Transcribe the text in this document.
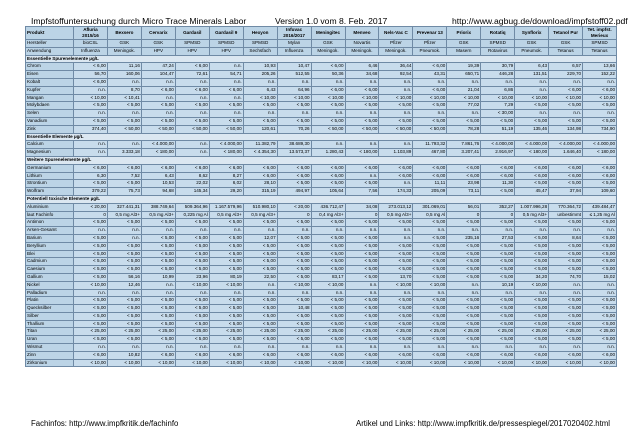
Impfstoffuntersuchung durch Micro Trace Minerals Labor	Version 1.0 vom 8. Feb. 2017	http://www.agbug.de/download/impfstoff02.pdf
Produkt	Afluria 2015/16	Bexsero	Cervarix	Gardasil	Gardasil 9	Hexyon	Infuvac 2016/2017	Meningitec	Menveo	Nels-Vac C	Prevenar 13	Priorix	Rotatiq	Synflorix	Tetanol Pur	Tet. impfst. Merieux
Hersteller	bioCSL	GSK	GSK	SPMSD	SPMSD	SPMSD	Mylan	GSK	Novartis	Pfizer	Pfizer	GSK	SPMSD	GSK	GSK	SPMSD
Anwendung	Influenza	Meningok.	HPV	HPV	HPV	Sechsfach	Influenza	Meningok.	Meningok.	Meningok.	Pneumok.	Masern	Rotavirus	Pneumok.	Tetanus	Tetanus
Essentielle Spurenelemente µg/L																
Chrom	< 6,00	11,16	47,24	< 6,00	n.n.	10,93	10,47	< 6,00	6,46	36,44	< 6,00	19,39	30,79	6,43	6,57	13,66
Eisen	56,70	160,06	104,47	72,61	54,71	205,26	512,55	50,36	34,68	92,54	43,31	650,71	446,28	131,51	229,70	152,22
Kobalt	< 6,00	n.n.	n.n.	n.n.	n.n.	n.n.	n.n.	n.n.	n.n.	n.n.	n.n.	n.n.	n.n.	n.n.	n.n.	n.n.
Kupfer	n.n.	8,70	< 6,00	< 6,00	< 6,00	6,43	64,96	< 6,00	< 6,00	n.n.	< 6,00	21,04	6,86	n.n.	< 6,00	< 6,00
Mangan	< 10,00	< 10,41	n.n.	n.n.	n.n.	< 10,00	< 10,00	< 10,00	< 10,00	< 10,00	< 10,00	< 10,00	< 10,00	< 10,00	< 10,00	< 10,00
Molybdaen	< 5,00	< 5,00	< 5,00	< 5,00	< 5,00	< 5,00	< 5,00	< 5,00	< 5,00	< 5,00	< 5,00	77,02	7,29	< 5,00	< 5,00	< 5,00
Selen	n.n.	n.n.	n.n.	n.n.	n.n.	n.n.	n.n.	n.n.	n.n.	n.n.	n.n.	n.n.	< 30,00	n.n.	n.n.	n.n.
Vanadium	< 5,00	< 5,00	< 5,00	< 5,00	< 5,00	< 5,00	< 5,00	< 5,00	< 5,00	< 5,00	< 5,00	< 5,00	< 5,00	< 5,00	< 5,00	< 5,00
Zink	374,40	< 50,00	< 50,00	< 50,00	< 50,00	120,61	70,26	< 50,00	< 50,00	< 50,00	< 50,00	78,28	51,19	135,46	134,98	734,90
Essentielle Elemente µg/L																
Calcium	n.n.	n.n.	< 4.000,00	n.n.	< 4.000,00	11.382,79	38.689,30	n.n.	n.n.	n.n.	11.793,32	7.861,76	< 4.000,00	< 4.000,00	< 4.000,00	< 4.000,00
Magnesium	n.n.	3.333,18	< 180,00	n.n.	< 180,00	< 4.354,30	13.573,37	1.280,43	< 180,00	1.103,89	467,80	3.207,41	2.916,97	< 180,00	1.646,40	< 180,00
Weitere Spurenelemente µg/L																
Germanium	< 6,00	< 6,00	< 6,00	< 6,00	< 6,00	< 6,00	< 6,00	< 6,00	< 6,00	< 6,00	< 6,00	< 6,00	< 6,00	< 6,00	< 6,00	< 6,00
Lithium	6,30	7,52	6,43	8,62	8,27	< 6,00	< 6,00	< 6,00	n.n.	< 6,00	< 6,00	< 6,00	< 6,00	< 6,00	< 6,00	< 6,00
Strontium	< 5,00	< 5,00	10,53	22,02	6,02	28,10	< 5,00	< 5,00	< 5,00	n.n.	11,11	23,98	11,30	< 5,00	< 5,00	< 5,00
Wolfram	379,22	75,73	94,68	145,34	29,20	315,19	494,97	105,64	7,56	174,33	205,09	73,11	< 5,00	45,47	37,94	109,60
Potentiell toxische Elemente µg/L																
Aluminium	< 20,00	327.441,31	388.749,64	509.364,96	1.167.579,96	510.980,10	< 20,00	436.712,47	34,08	273.013,12	301.069,01	56,01	352,27	1.007.996,28	770.364,72	439.484,47
laut Fachinfo	0	0,5 mg Al3+	0,5 mg Al3+	0,225 mg Al	0,5 mg Al3+	0,5 mg Al3+	0	0,4 mg Al3+	0	0,5 mg Al3+	0,5 mg Al	0	0	0,5 mg Al3+	unbestimmt	≤ 1,25 mg Al
Antimon	< 5,00	< 5,00	< 5,00	< 5,00	< 5,00	< 5,00	< 5,00	< 5,00	< 5,00	< 5,00	< 5,00	< 5,00	< 5,00	< 5,00	< 5,00	< 5,00
Arsen-Gesamt	n.n.	n.n.	n.n.	n.n.	n.n.	n.n.	n.n.	n.n.	n.n.	n.n.	n.n.	n.n.	n.n.	n.n.	n.n.	n.n.
Barium	< 5,00	n.n.	< 5,00	< 5,00	< 5,00	12,07	< 5,00	< 5,00	< 5,00	n.n.	< 5,00	235,16	27,53	< 5,00	8,64	< 5,00
Beryllium	< 5,00	< 5,00	< 5,00	< 5,00	< 5,00	< 5,00	< 5,00	< 5,00	< 5,00	< 5,00	< 5,00	< 5,00	< 5,00	< 5,00	< 5,00	< 5,00
Blei	< 5,00	< 5,00	< 5,00	< 5,00	< 5,00	< 5,00	< 5,00	< 5,00	< 5,00	< 5,00	< 5,00	< 5,00	< 5,00	< 5,00	< 5,00	< 5,00
Cadmium	< 5,00	< 5,00	< 5,00	< 5,00	< 5,00	< 5,00	< 5,00	< 5,00	< 5,00	< 5,00	< 5,00	< 5,00	< 5,00	< 5,00	< 5,00	< 5,00
Caesium	< 5,00	< 5,00	< 5,00	< 5,00	< 5,00	< 5,00	< 5,00	< 5,00	< 5,00	< 5,00	< 5,00	< 5,00	< 5,00	< 5,00	< 5,00	< 5,00
Gallium	< 5,00	56,16	10,99	23,96	80,19	22,50	< 5,00	83,17	< 5,00	13,70	< 5,00	< 5,00	< 5,00	34,20	74,70	15,02
Nickel	< 10,00	12,46	n.n.	< 10,00	< 10,00	n.n.	< 10,00	< 10,00	n.n.	< 10,00	< 10,00	n.n.	10,19	< 10,00	n.n.	n.n.
Palladium	n.n.	n.n.	n.n.	n.n.	n.n.	n.n.	n.n.	n.n.	n.n.	n.n.	n.n.	n.n.	n.n.	n.n.	n.n.	n.n.
Platin	< 5,00	< 5,00	< 5,00	< 5,00	< 5,00	< 5,00	< 5,00	< 5,00	< 5,00	< 5,00	< 5,00	< 5,00	< 5,00	< 5,00	< 5,00	< 5,00
Quecksilber	< 5,00	< 5,00	< 5,00	< 5,00	< 5,00	< 5,00	10,48	< 5,00	< 5,00	< 5,00	< 5,00	< 5,00	< 5,00	< 5,00	< 5,00	< 5,00
Silber	< 5,00	< 5,00	< 5,00	< 5,00	< 5,00	< 5,00	< 5,00	< 5,00	< 5,00	< 5,00	< 5,00	< 5,00	< 5,00	< 5,00	< 5,00	< 5,00
Thallium	< 5,00	< 5,00	< 5,00	< 5,00	< 5,00	< 5,00	< 5,00	< 5,00	< 5,00	< 5,00	< 5,00	< 5,00	< 5,00	< 5,00	< 5,00	< 5,00
Titan	< 25,00	< 25,00	< 25,00	< 25,00	< 25,00	< 25,00	< 25,00	< 25,00	< 25,00	< 25,00	< 25,00	< 25,00	< 25,00	< 25,00	< 25,00	< 25,00
Uran	< 5,00	< 5,00	< 5,00	< 5,00	< 5,00	< 5,00	< 5,00	< 5,00	< 5,00	< 5,00	< 5,00	< 5,00	< 5,00	< 5,00	< 5,00	< 5,00
Wismut	n.n.	n.n.	n.n.	n.n.	n.n.	n.n.	n.n.	n.n.	n.n.	n.n.	n.n.	n.n.	n.n.	n.n.	n.n.	n.n.
Zinn	< 6,00	10,82	< 6,00	< 6,00	< 6,00	< 6,00	< 6,00	< 6,00	< 6,00	< 6,00	< 6,00	< 6,00	< 6,00	< 6,00	< 6,00	< 6,00
Zirkonium	< 10,00	< 10,00	< 10,00	< 10,00	< 10,00	< 10,00	< 10,00	< 10,00	< 10,00	< 10,00	< 10,00	< 10,00	< 10,00	< 10,00	< 10,00	< 10,00
Fachinfos: http://www.impfkritik.de/fachinfo	Artikel und Links: http://www.impfkritik.de/pressespiegel/2017020402.html
